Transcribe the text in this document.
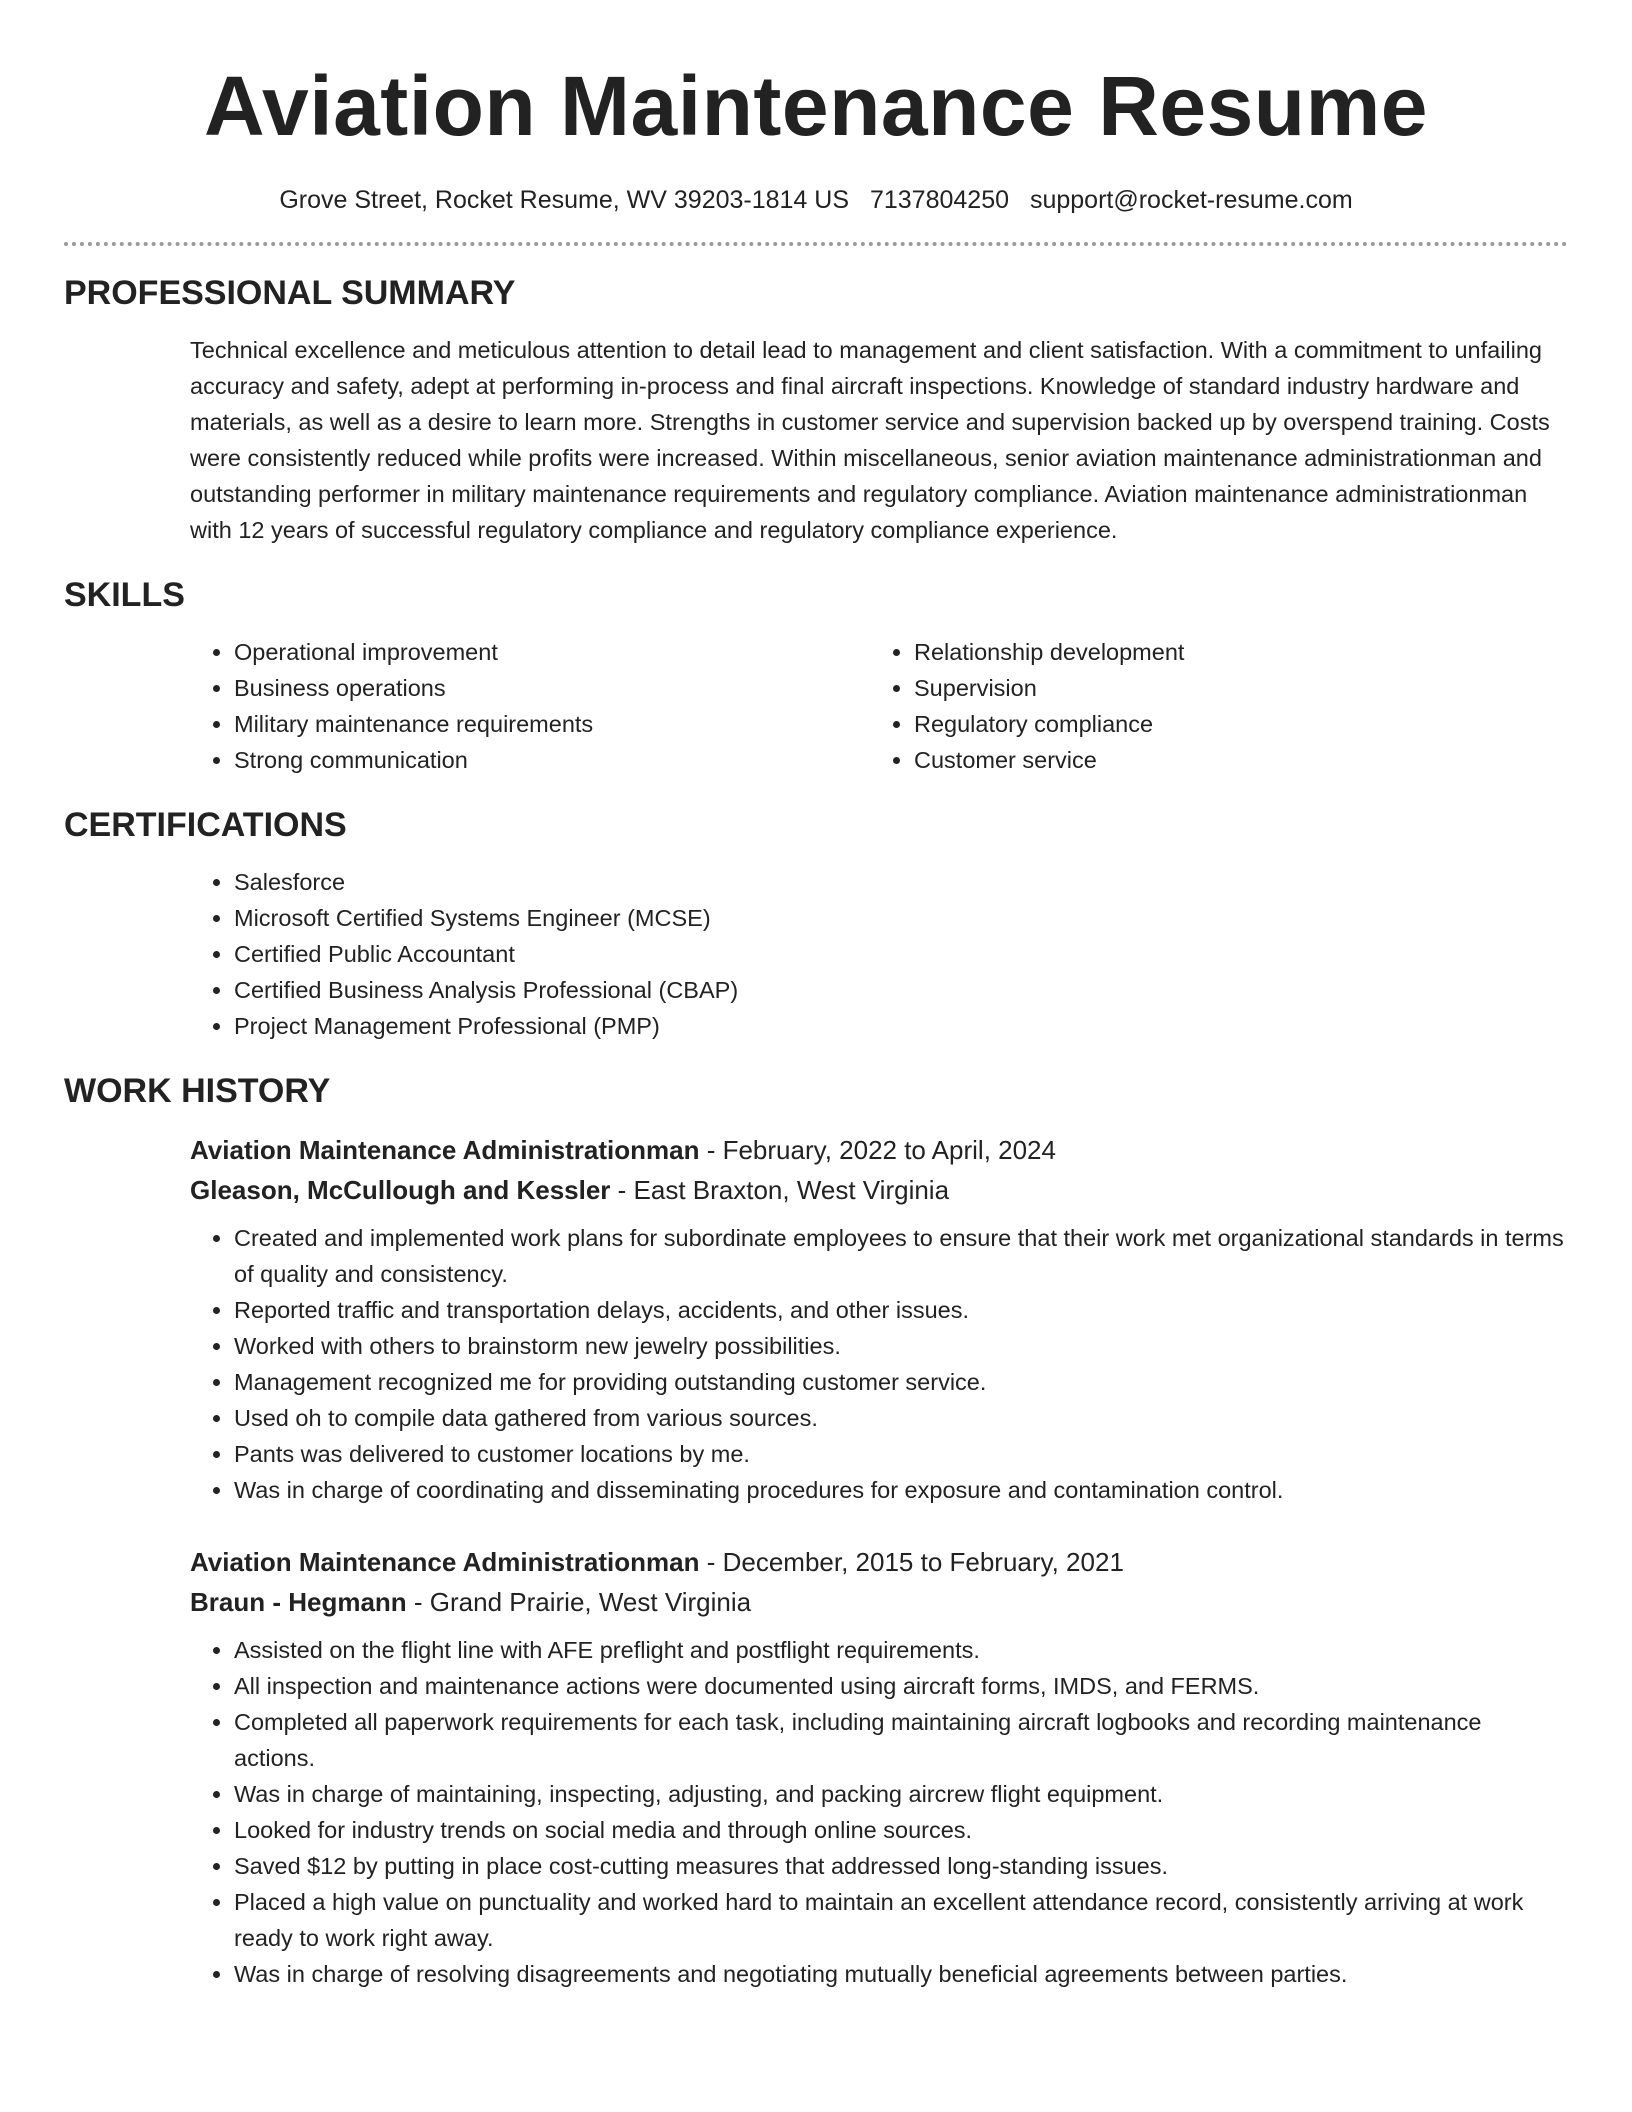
Aviation Maintenance Resume
Grove Street, Rocket Resume, WV 39203-1814 US 7137804250 support@rocket-resume.com
PROFESSIONAL SUMMARY

Technical excellence and meticulous attention to detail lead to management and client satisfaction. With a commitment to unfailing accuracy and safety, adept at performing in-process and final aircraft inspections. Knowledge of standard industry hardware and materials, as well as a desire to learn more. Strengths in customer service and supervision backed up by overspend training. Costs were consistently reduced while profits were increased. Within miscellaneous, senior aviation maintenance administrationman and outstanding performer in military maintenance requirements and regulatory compliance. Aviation maintenance administrationman with 12 years of successful regulatory compliance and regulatory compliance experience.

SKILLS
• Operational improvement
• Business operations
• Military maintenance requirements
• Strong communication
• Relationship development
• Supervision
• Regulatory compliance
• Customer service
CERTIFICATIONS
• Salesforce
• Microsoft Certified Systems Engineer (MCSE)
• Certified Public Accountant
• Certified Business Analysis Professional (CBAP)
• Project Management Professional (PMP)
WORK HISTORY
Aviation Maintenance Administrationman - February, 2022 to April, 2024
Gleason, McCullough and Kessler - East Braxton, West Virginia
• Created and implemented work plans for subordinate employees to ensure that their work met organizational standards in terms of quality and consistency.
• Reported traffic and transportation delays, accidents, and other issues.
• Worked with others to brainstorm new jewelry possibilities.
• Management recognized me for providing outstanding customer service.
• Used oh to compile data gathered from various sources.
• Pants was delivered to customer locations by me.
• Was in charge of coordinating and disseminating procedures for exposure and contamination control.
Aviation Maintenance Administrationman - December, 2015 to February, 2021
Braun - Hegmann - Grand Prairie, West Virginia
• Assisted on the flight line with AFE preflight and postflight requirements.
• All inspection and maintenance actions were documented using aircraft forms, IMDS, and FERMS.
• Completed all paperwork requirements for each task, including maintaining aircraft logbooks and recording maintenance actions.
• Was in charge of maintaining, inspecting, adjusting, and packing aircrew flight equipment.
• Looked for industry trends on social media and through online sources.
• Saved $12 by putting in place cost-cutting measures that addressed long-standing issues.
• Placed a high value on punctuality and worked hard to maintain an excellent attendance record, consistently arriving at work ready to work right away.
• Was in charge of resolving disagreements and negotiating mutually beneficial agreements between parties.
